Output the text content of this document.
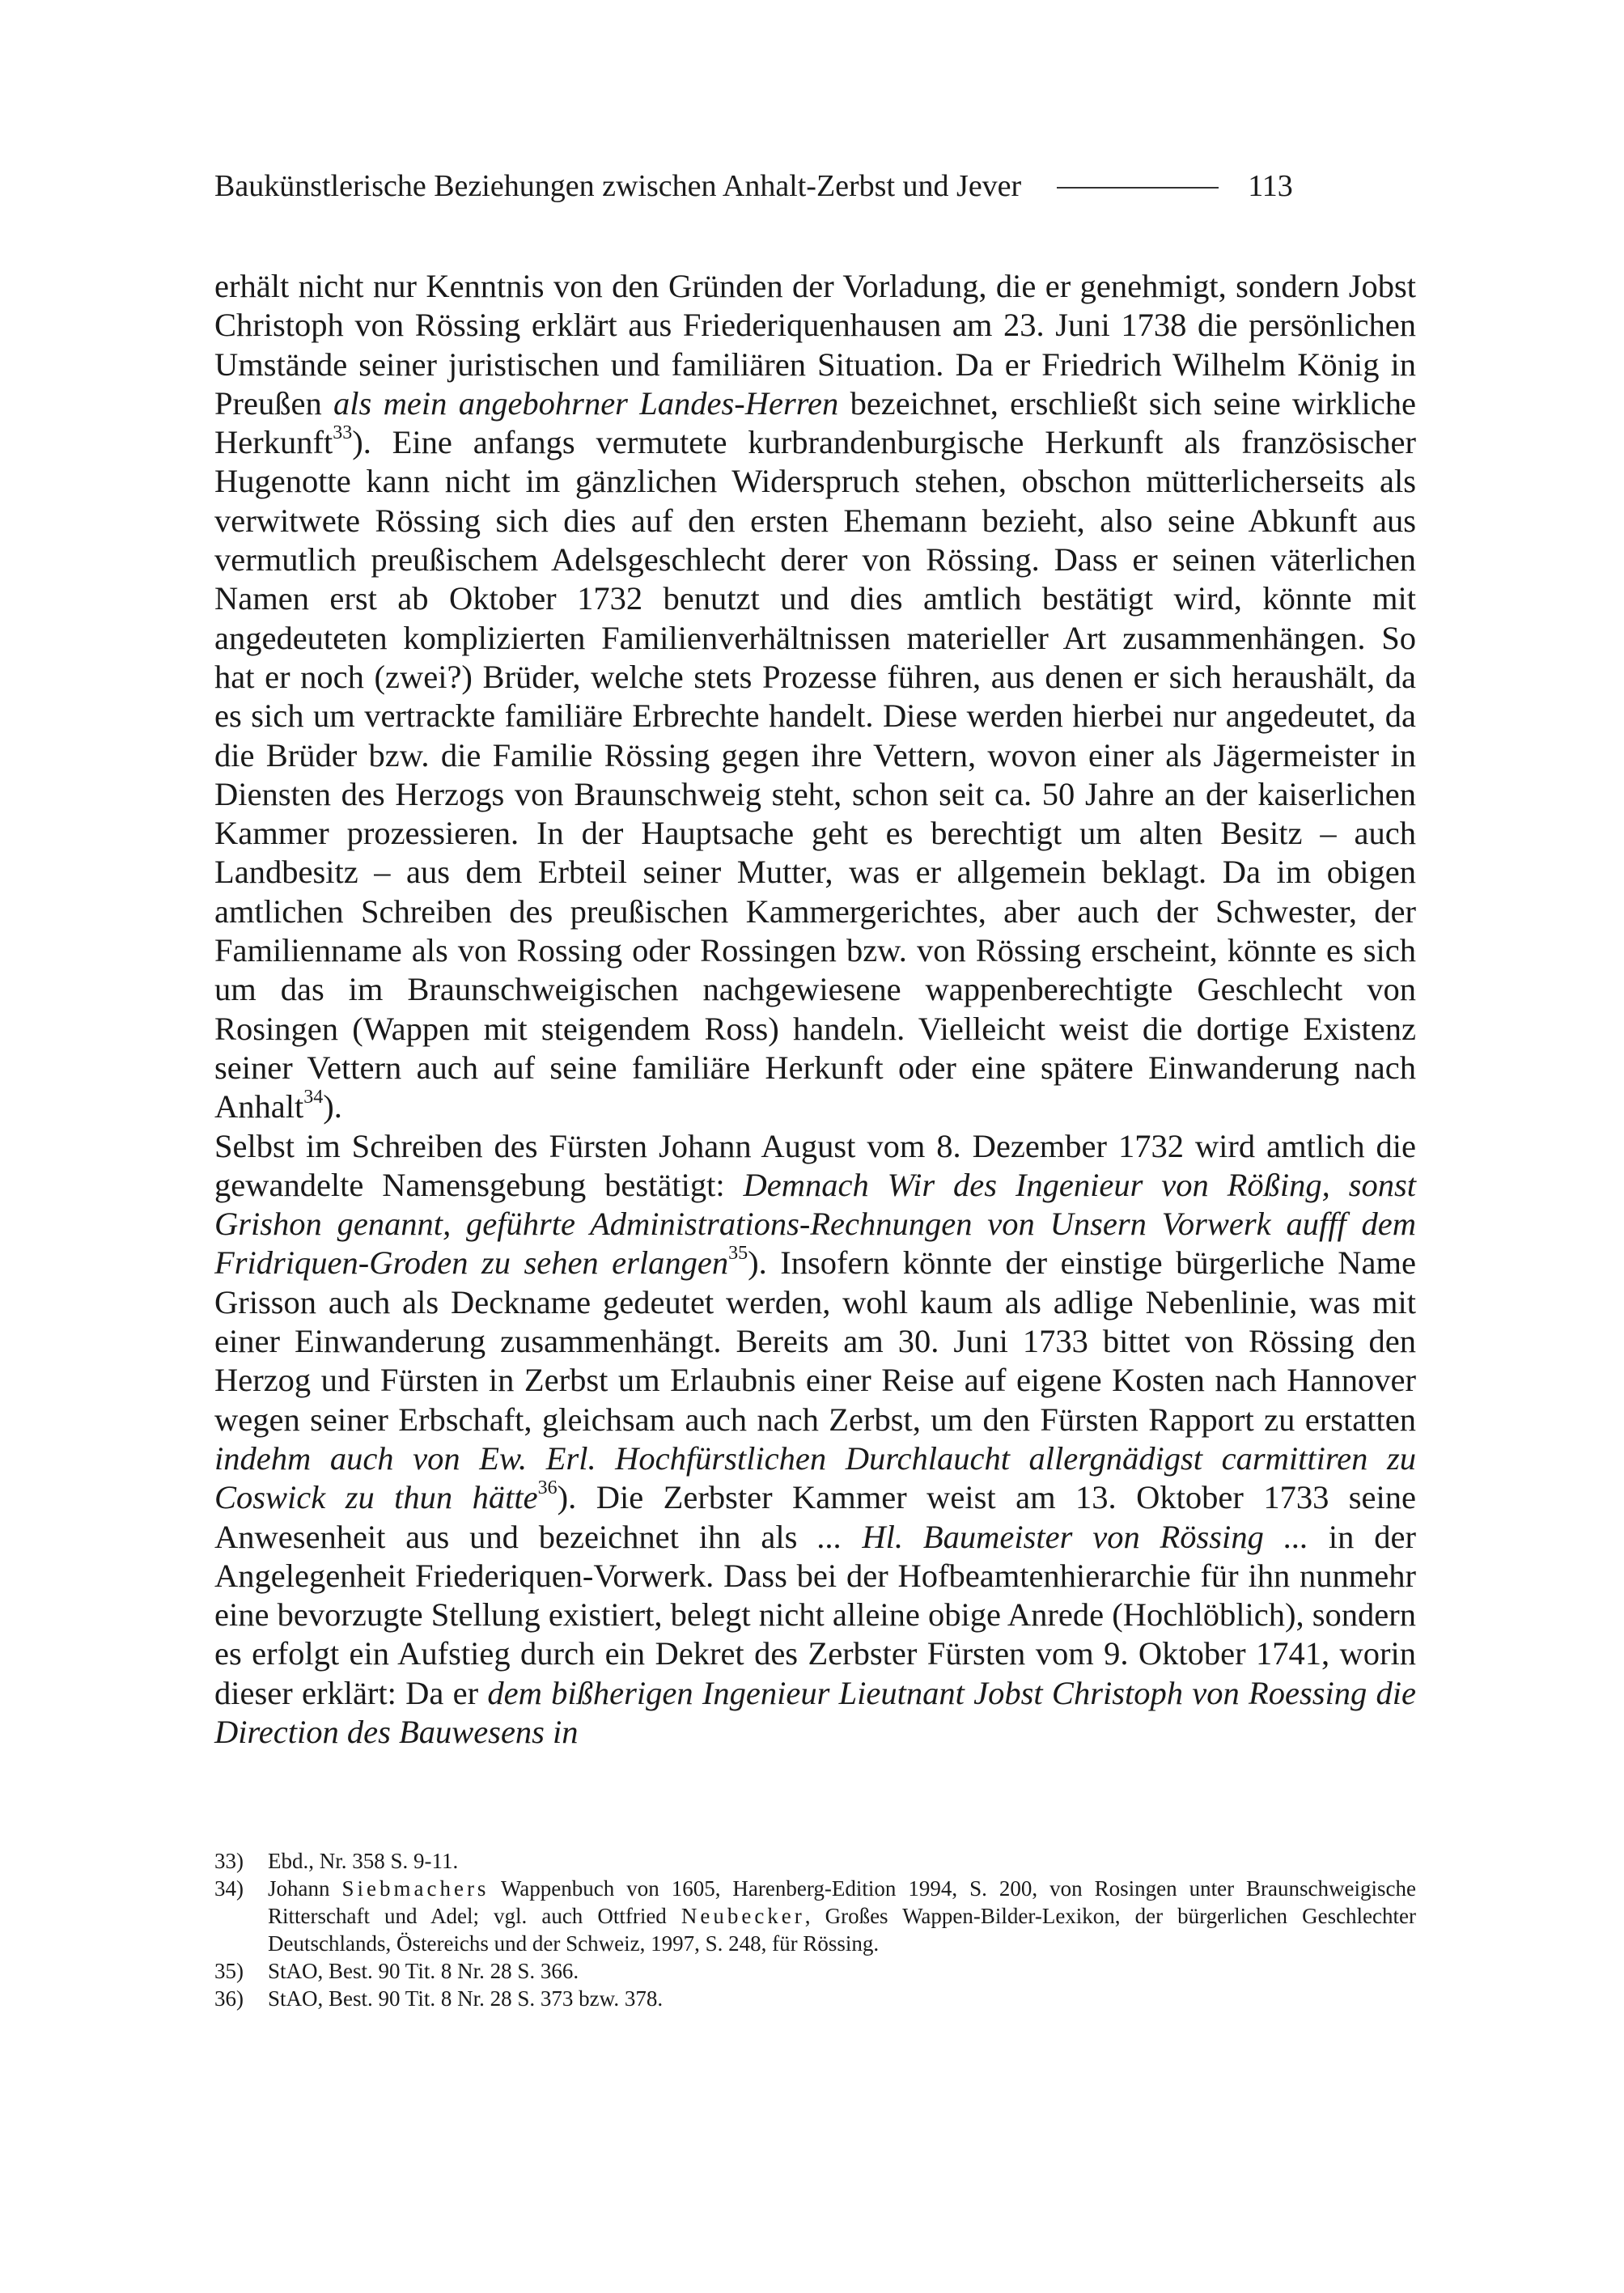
Baukünstlerische Beziehungen zwischen Anhalt-Zerbst und Jever	113

erhält nicht nur Kenntnis von den Gründen der Vorladung, die er genehmigt, sondern Jobst Christoph von Rössing erklärt aus Friederiquenhausen am 23. Juni 1738 die persönlichen Umstände seiner juristischen und familiären Situation. Da er Friedrich Wilhelm König in Preußen als mein angebohrner Landes-Herren bezeichnet, erschließt sich seine wirkliche Herkunft$^{33}$). Eine anfangs vermutete kurbrandenburgische Herkunft als französischer Hugenotte kann nicht im gänzlichen Widerspruch stehen, obschon mütterlicherseits als verwitwete Rössing sich dies auf den ersten Ehemann bezieht, also seine Abkunft aus vermutlich preußischem Adelsgeschlecht derer von Rössing. Dass er seinen väterlichen Namen erst ab Oktober 1732 benutzt und dies amtlich bestätigt wird, könnte mit angedeuteten komplizierten Familienverhältnissen materieller Art zusammenhängen. So hat er noch (zwei?) Brüder, welche stets Prozesse führen, aus denen er sich heraushält, da es sich um vertrackte familiäre Erbrechte handelt. Diese werden hierbei nur angedeutet, da die Brüder bzw. die Familie Rössing gegen ihre Vettern, wovon einer als Jägermeister in Diensten des Herzogs von Braunschweig steht, schon seit ca. 50 Jahre an der kaiserlichen Kammer prozessieren. In der Hauptsache geht es berechtigt um alten Besitz – auch Landbesitz – aus dem Erbteil seiner Mutter, was er allgemein beklagt. Da im obigen amtlichen Schreiben des preußischen Kammergerichtes, aber auch der Schwester, der Familienname als von Rossing oder Rossingen bzw. von Rössing erscheint, könnte es sich um das im Braunschweigischen nachgewiesene wappenberechtigte Geschlecht von Rosingen (Wappen mit steigendem Ross) handeln. Vielleicht weist die dortige Existenz seiner Vettern auch auf seine familiäre Herkunft oder eine spätere Einwanderung nach Anhalt$^{34}$).

Selbst im Schreiben des Fürsten Johann August vom 8. Dezember 1732 wird amtlich die gewandelte Namensgebung bestätigt: Demnach Wir des Ingenieur von Rößing, sonst Grishon genannt, geführte Administrations-Rechnungen von Unsern Vorwerk aufff dem Fridriquen-Groden zu sehen erlangen$^{35}$). Insofern könnte der einstige bürgerliche Name Grisson auch als Deckname gedeutet werden, wohl kaum als adlige Nebenlinie, was mit einer Einwanderung zusammenhängt. Bereits am 30. Juni 1733 bittet von Rössing den Herzog und Fürsten in Zerbst um Erlaubnis einer Reise auf eigene Kosten nach Hannover wegen seiner Erbschaft, gleichsam auch nach Zerbst, um den Fürsten Rapport zu erstatten indehm auch von Ew. Erl. Hochfürstlichen Durchlaucht allergnädigst carmittiren zu Coswick zu thun hätte$^{36}$). Die Zerbster Kammer weist am 13. Oktober 1733 seine Anwesenheit aus und bezeichnet ihn als ... Hl. Baumeister von Rössing ... in der Angelegenheit Friederiquen-Vorwerk. Dass bei der Hofbeamtenhierarchie für ihn nunmehr eine bevorzugte Stellung existiert, belegt nicht alleine obige Anrede (Hochlöblich), sondern es erfolgt ein Aufstieg durch ein Dekret des Zerbster Fürsten vom 9. Oktober 1741, worin dieser erklärt: Da er dem bißherigen Ingenieur Lieutnant Jobst Christoph von Roessing die Direction des Bauwesens in

33)	Ebd., Nr. 358 S. 9-11.
34)	Johann Siebmachers Wappenbuch von 1605, Harenberg-Edition 1994, S. 200, von Rosingen unter Braunschweigische Ritterschaft und Adel; vgl. auch Ottfried Neubecker, Großes Wappen-Bilder-Lexikon, der bürgerlichen Geschlechter Deutschlands, Östereichs und der Schweiz, 1997, S. 248, für Rössing.
35)	StAO, Best. 90 Tit. 8 Nr. 28 S. 366.
36)	StAO, Best. 90 Tit. 8 Nr. 28 S. 373 bzw. 378.
